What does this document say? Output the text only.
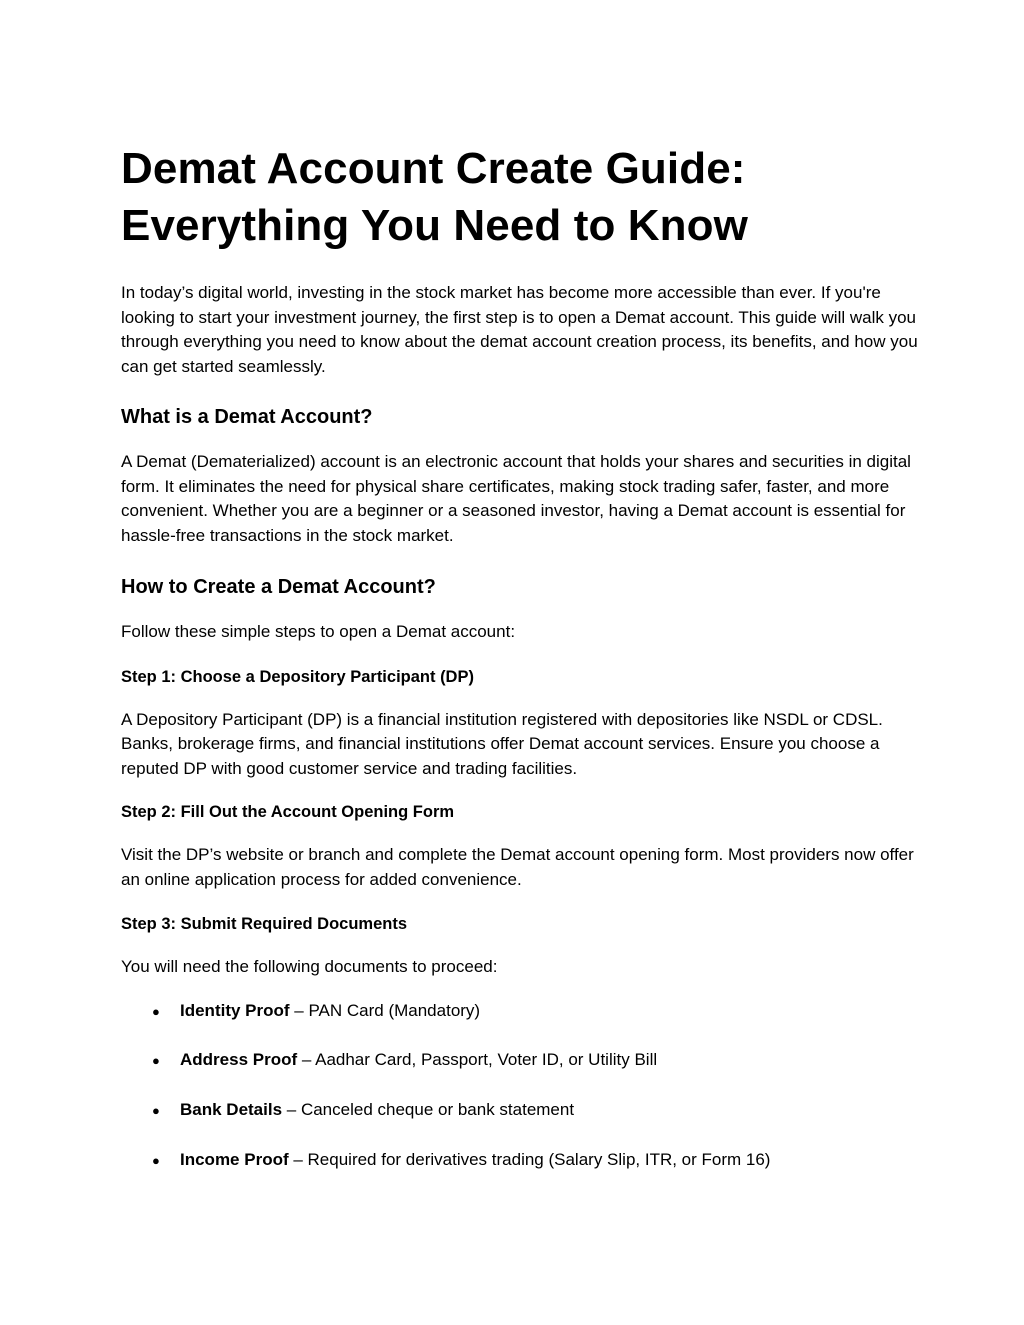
Demat Account Create Guide:
Everything You Need to Know

In today’s digital world, investing in the stock market has become more accessible than ever. If you're looking to start your investment journey, the first step is to open a Demat account. This guide will walk you through everything you need to know about the demat account creation process, its benefits, and how you can get started seamlessly.

What is a Demat Account?

A Demat (Dematerialized) account is an electronic account that holds your shares and securities in digital form. It eliminates the need for physical share certificates, making stock trading safer, faster, and more convenient. Whether you are a beginner or a seasoned investor, having a Demat account is essential for hassle-free transactions in the stock market.

How to Create a Demat Account?

Follow these simple steps to open a Demat account:

Step 1: Choose a Depository Participant (DP)

A Depository Participant (DP) is a financial institution registered with depositories like NSDL or CDSL. Banks, brokerage firms, and financial institutions offer Demat account services. Ensure you choose a reputed DP with good customer service and trading facilities.

Step 2: Fill Out the Account Opening Form

Visit the DP’s website or branch and complete the Demat account opening form. Most providers now offer an online application process for added convenience.

Step 3: Submit Required Documents

You will need the following documents to proceed:

●	Identity Proof – PAN Card (Mandatory)
●	Address Proof – Aadhar Card, Passport, Voter ID, or Utility Bill
●	Bank Details – Canceled cheque or bank statement
●	Income Proof – Required for derivatives trading (Salary Slip, ITR, or Form 16)
